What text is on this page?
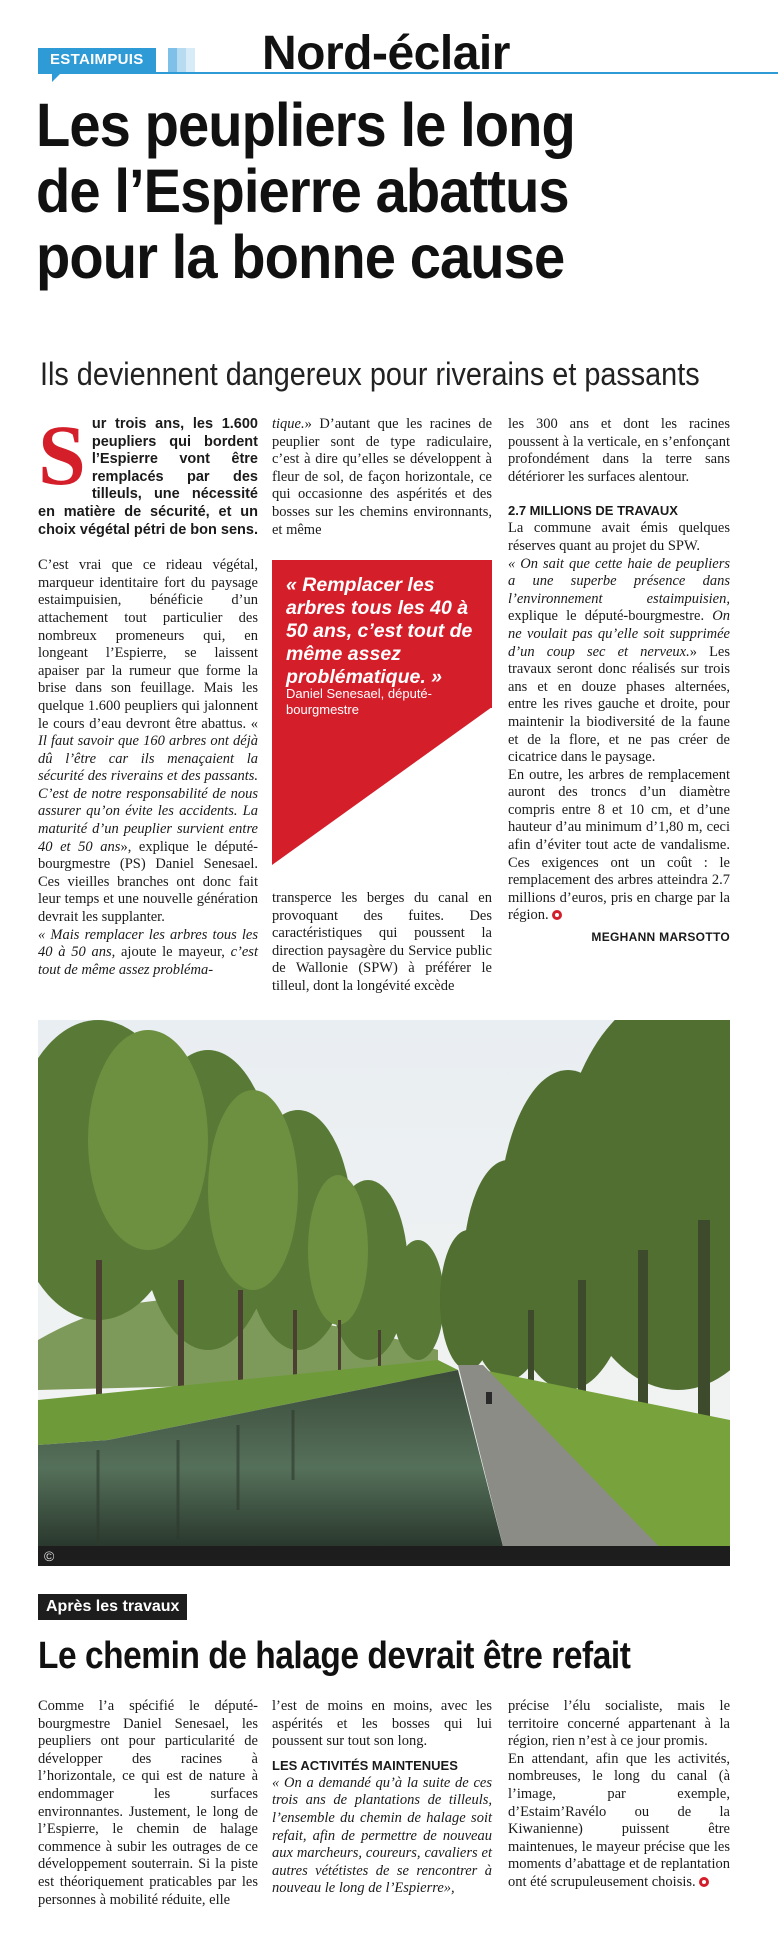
ESTAIMPUIS Nord-éclair
Les peupliers le long
de l’Espierre abattus
pour la bonne cause
Ils deviennent dangereux pour riverains et passants

Sur trois ans, les 1.600 peupliers qui bordent l’Espierre vont être remplacés par des tilleuls, une nécessité en matière de sécurité, et un choix végétal pétri de bon sens.

C’est vrai que ce rideau végétal, marqueur identitaire fort du paysage estaimpuisien, bénéficie d’un attachement tout particulier des nombreux promeneurs qui, en longeant l’Espierre, se laissent apaiser par la rumeur que forme la brise dans son feuillage. Mais les quelque 1.600 peupliers qui jalonnent le cours d’eau devront être abattus. « Il faut savoir que 160 arbres ont déjà dû l’être car ils menaçaient la sécurité des riverains et des passants. C’est de notre responsabilité de nous assurer qu’on évite les accidents. La maturité d’un peuplier survient entre 40 et 50 ans», explique le député-bourgmestre (PS) Daniel Senesael. Ces vieilles branches ont donc fait leur temps et une nouvelle génération devrait les supplanter.

« Mais remplacer les arbres tous les 40 à 50 ans, ajoute le mayeur, c’est tout de même assez probléma-

tique.» D’autant que les racines de peuplier sont de type radiculaire, c’est à dire qu’elles se développent à fleur de sol, de façon horizontale, ce qui occasionne des aspérités et des bosses sur les chemins environnants, et même

« Remplacer les arbres tous les 40 à 50 ans, c’est tout de même assez problématique. »
Daniel Senesael, député-bourgmestre

transperce les berges du canal en provoquant des fuites. Des caractéristiques qui poussent la direction paysagère du Service public de Wallonie (SPW) à préférer le tilleul, dont la longévité excède

les 300 ans et dont les racines poussent à la verticale, en s’enfonçant profondément dans la terre sans détériorer les surfaces alentour.

2.7 MILLIONS DE TRAVAUX

La commune avait émis quelques réserves quant au projet du SPW.

« On sait que cette haie de peupliers a une superbe présence dans l’environnement estaimpuisien, explique le député-bourgmestre. On ne voulait pas qu’elle soit supprimée d’un coup sec et nerveux.» Les travaux seront donc réalisés sur trois ans et en douze phases alternées, entre les rives gauche et droite, pour maintenir la biodiversité de la faune et de la flore, et ne pas créer de cicatrice dans le paysage.

En outre, les arbres de remplacement auront des troncs d’un diamètre compris entre 8 et 10 cm, et d’une hauteur d’au minimum d’1,80 m, ceci afin d’éviter tout acte de vandalisme. Ces exigences ont un coût : le remplacement des arbres atteindra 2.7 millions d’euros, pris en charge par la région.

MEGHANN MARSOTTO

©
Après les travaux
Le chemin de halage devrait être refait

Comme l’a spécifié le député-bourgmestre Daniel Senesael, les peupliers ont pour particularité de développer des racines à l’horizontale, ce qui est de nature à endommager les surfaces environnantes. Justement, le long de l’Espierre, le chemin de halage commence à subir les outrages de ce développement souterrain. Si la piste est théoriquement praticables par les personnes à mobilité réduite, elle

l’est de moins en moins, avec les aspérités et les bosses qui lui poussent sur tout son long.

LES ACTIVITÉS MAINTENUES

« On a demandé qu’à la suite de ces trois ans de plantations de tilleuls, l’ensemble du chemin de halage soit refait, afin de permettre de nouveau aux marcheurs, coureurs, cavaliers et autres vététistes de se rencontrer à nouveau le long de l’Espierre»,

précise l’élu socialiste, mais le territoire concerné appartenant à la région, rien n’est à ce jour promis.

En attendant, afin que les activités, nombreuses, le long du canal (à l’image, par exemple, d’Estaim’Ravélo ou de la Kiwanienne) puissent être maintenues, le mayeur précise que les moments d’abattage et de replantation ont été scrupuleusement choisis.
